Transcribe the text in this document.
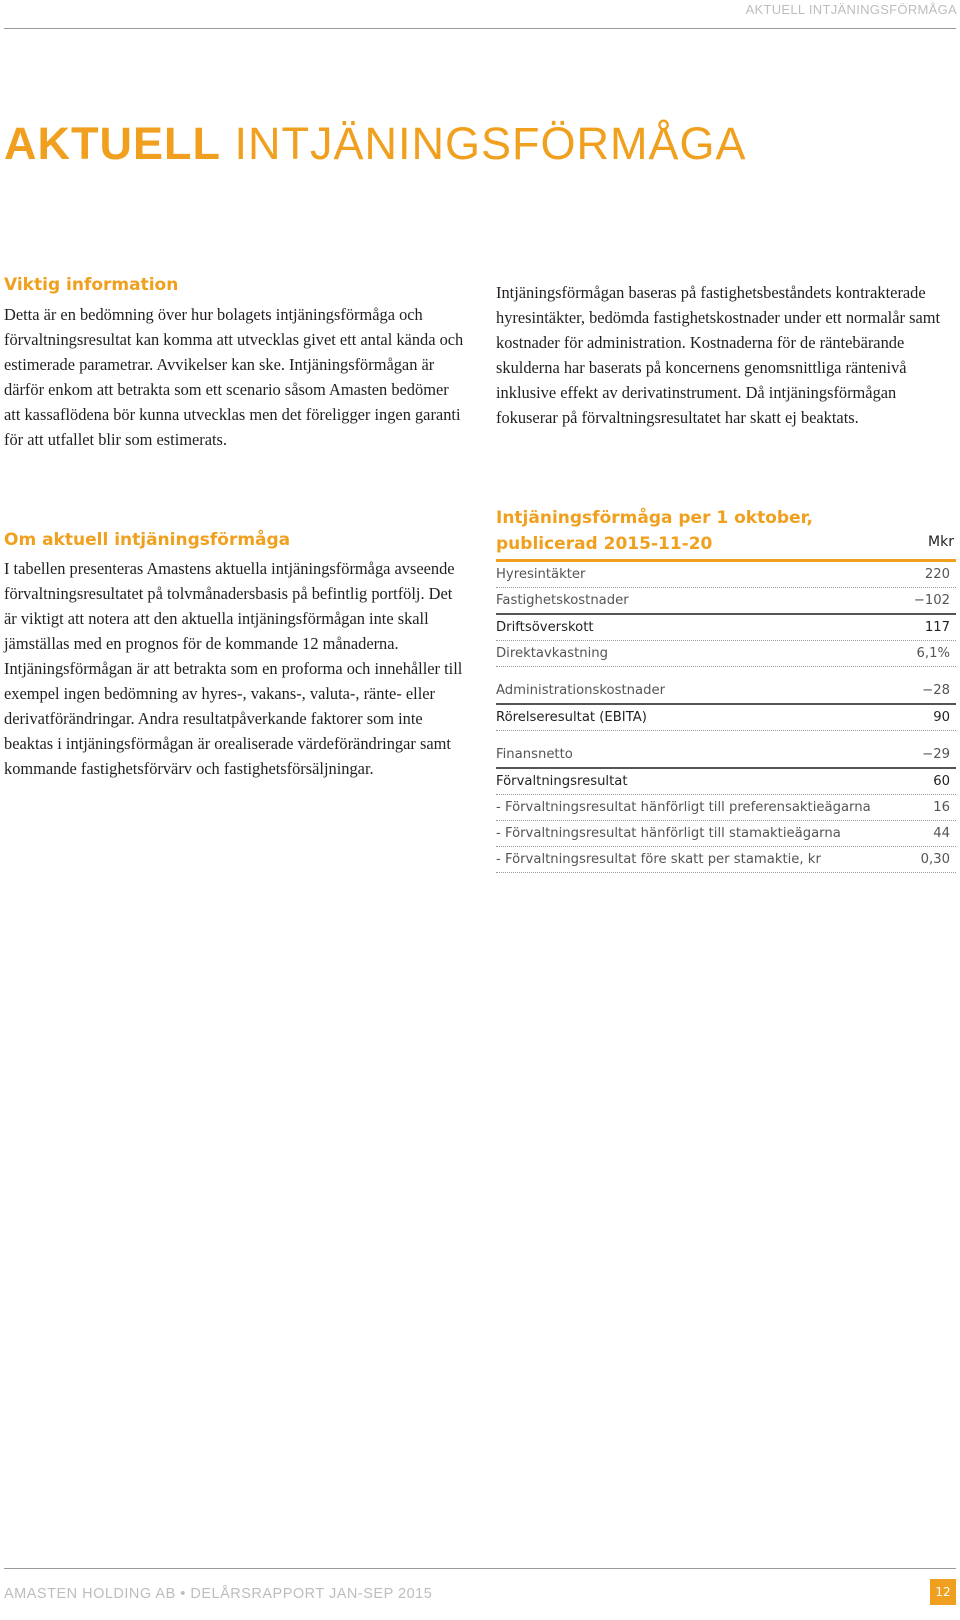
AKTUELL INTJÄNINGSFÖRMÅGA
AKTUELL INTJÄNINGSFÖRMÅGA
Viktig information

Detta är en bedömning över hur bolagets intjäningsförmåga och förvaltningsresultat kan komma att utvecklas givet ett antal kända och estimerade parametrar. Avvikelser kan ske. Intjäningsförmågan är därför enkom att betrakta som ett scenario såsom Amasten bedömer att kassaflödena bör kunna utvecklas men det föreligger ingen garanti för att utfallet blir som estimerats.

Intjäningsförmågan baseras på fastighetsbeståndets kontrakterade hyresintäkter, bedömda fastighetskostnader under ett normalår samt kostnader för administration. Kostnaderna för de räntebärande skulderna har baserats på koncernens genomsnittliga räntenivå inklusive effekt av derivatinstrument. Då intjäningsförmågan fokuserar på förvaltningsresultatet har skatt ej beaktats.

Om aktuell intjäningsförmåga

I tabellen presenteras Amastens aktuella intjäningsförmåga avseende förvaltningsresultatet på tolvmånadersbasis på befintlig portfölj. Det är viktigt att notera att den aktuella intjäningsförmågan inte skall jämställas med en prognos för de kommande 12 månaderna. Intjäningsförmågan är att betrakta som en proforma och innehåller till exempel ingen bedömning av hyres-, vakans-, valuta-, ränte- eller derivatförändringar. Andra resultatpåverkande faktorer som inte beaktas i intjäningsförmågan är orealiserade värdeförändringar samt kommande fastighetsförvärv och fastighetsförsäljningar.

Intjäningsförmåga per 1 oktober,
publicerad 2015-11-20	Mkr
Hyresintäkter	220
Fastighetskostnader	−102
Driftsöverskott	117
Direktavkastning	6,1%
Administrationskostnader	−28
Rörelseresultat (EBITA)	90
Finansnetto	−29
Förvaltningsresultat	60
- Förvaltningsresultat hänförligt till preferensaktieägarna	16
- Förvaltningsresultat hänförligt till stamaktieägarna	44
- Förvaltningsresultat före skatt per stamaktie, kr	0,30
AMASTEN HOLDING AB • DELÅRSRAPPORT JAN-SEP 2015	12
